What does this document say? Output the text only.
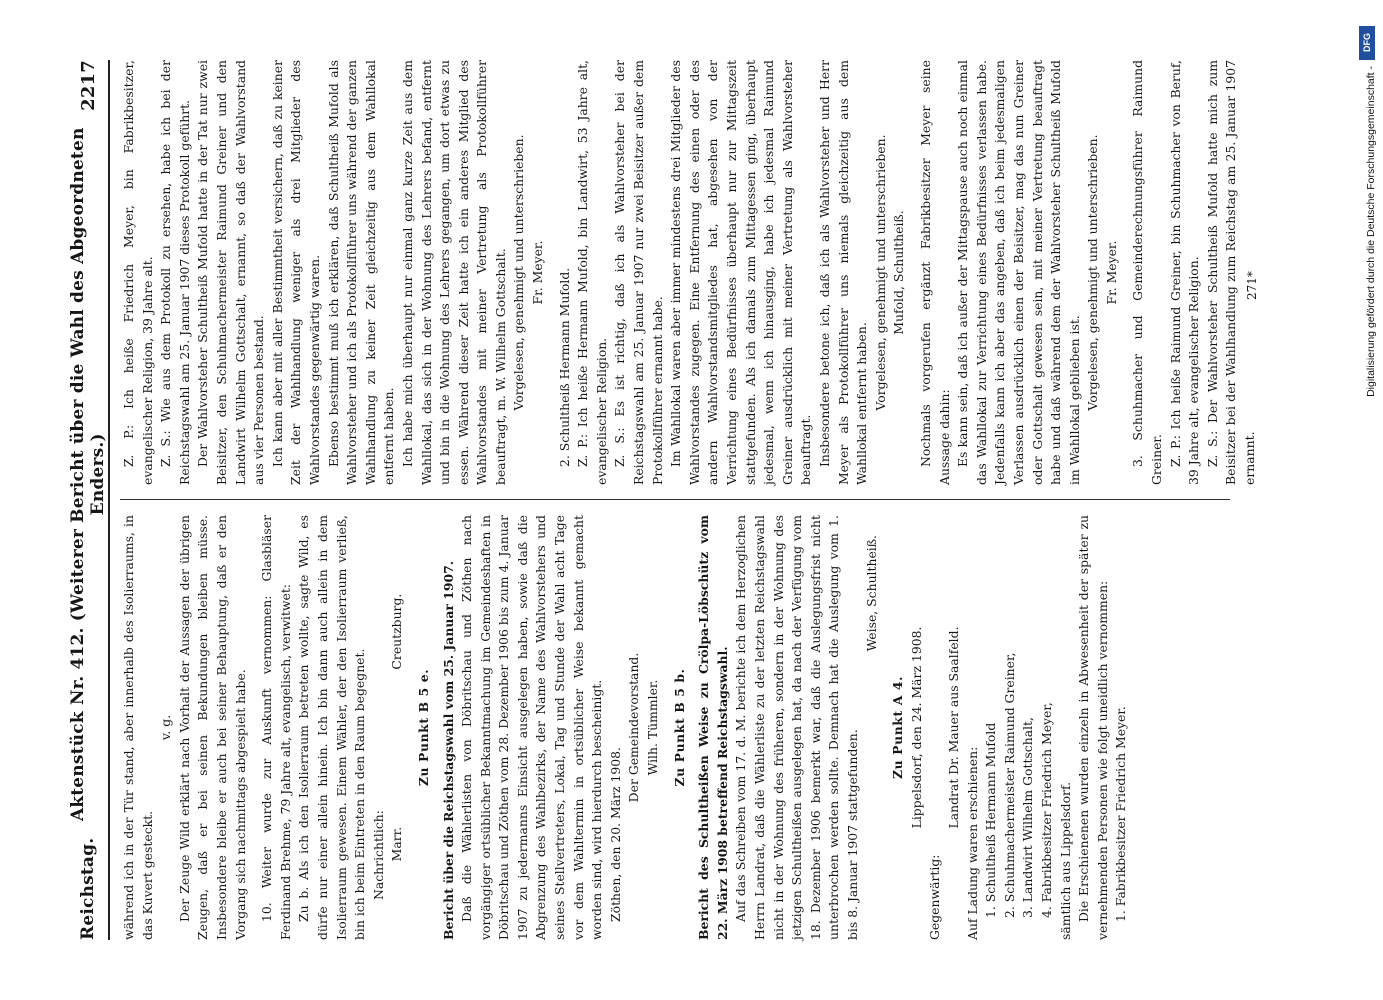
Reichstag.
Aktenstück Nr. 412. (Weiterer Bericht über die Wahl des Abgeordneten Enders.)
2217

während ich in der Tür stand, aber innerhalb des Isolierraums, in das Kuvert gesteckt.

v. g. Der Zeuge Wild erklärt nach Vorhalt der Aussagen der übrigen Zeugen, daß er bei seinen Bekundungen bleiben müsse. Insbesondere bleibe er auch bei seiner Behauptung, daß er den Vorgang sich nachmittags abgespielt habe. 10. Weiter wurde zur Auskunft vernommen: Glasbläser Ferdinand Brehme, 79 Jahre alt, evangelisch, verwitwet: Zu b. Als ich den Isolierraum betreten wollte, sagte Wild, es dürfe nur einer allein hinein. Ich bin dann auch allein in dem Isolierraum gewesen. Einem Wähler, der den Isolierraum verließ, bin ich beim Eintreten in den Raum begegnet. Nachrichtlich: Marr.
Creutzburg.

Zu Punkt B 5 e. Bericht über die Reichstagswahl vom 25. Januar 1907. Daß die Wählerlisten von Döbritschau und Zöthen nach vorgängiger ortsüblicher Bekanntmachung im Gemeindeshaften in Döbritschau und Zöthen vom 28. Dezember 1906 bis zum 4. Januar 1907 zu jedermanns Einsicht ausgelegen haben, sowie daß die Abgrenzung des Wahlbezirks, der Name des Wahlvorstehers und seines Stellvertreters, Lokal, Tag und Stunde der Wahl acht Tage vor dem Wahltermin in ortsüblicher Weise bekannt gemacht worden sind, wird hierdurch bescheinigt. Zöthen, den 20. März 1908.

Der Gemeindevorstand. Wilh. Tümmler. Zu Punkt B 5 b. Bericht des Schultheißen Weise zu Crölpa-Löbschütz vom 22. März 1908 betreffend Reichstagswahl. Auf das Schreiben vom 17. d. M. berichte ich dem Herzoglichen Herrn Landrat, daß die Wählerliste zu der letzten Reichstagswahl nicht in der Wohnung des früheren, sondern in der Wohnung des jetzigen Schultheißen ausgelegen hat, da nach der Verfügung vom 18. Dezember 1906 bemerkt war, daß die Auslegungsfrist nicht unterbrochen werden sollte. Demnach hat die Auslegung vom 1. bis 8. Januar 1907 stattgefunden.

Weise, Schultheiß.

Zu Punkt A 4. Lippelsdorf, den 24. März 1908.

Gegenwärtig:

Landrat Dr. Mauer aus Saalfeld.

Auf Ladung waren erschienen: 1. Schultheiß Hermann Mufold 2. Schuhmachermeister Raimund Greiner, 3. Landwirt Wilhelm Gottschalt, 4. Fabrikbesitzer Friedrich Meyer, sämtlich aus Lippelsdorf. Die Erschienenen wurden einzeln in Abwesenheit der später zu vernehmenden Personen wie folgt uneidlich vernommen: 1. Fabrikbesitzer Friedrich Meyer.

Z. P.: Ich heiße Friedrich Meyer, bin Fabrikbesitzer, evangelischer Religion, 39 Jahre alt. Z. S.: Wie aus dem Protokoll zu ersehen, habe ich bei der Reichstagswahl am 25. Januar 1907 dieses Protokoll geführt. Der Wahlvorsteher Schultheiß Mufold hatte in der Tat nur zwei Beisitzer, den Schuhmachermeister Raimund Greiner und den Landwirt Wilhelm Gottschalt, ernannt, so daß der Wahlvorstand aus vier Personen bestand. Ich kann aber mit aller Bestimmtheit versichern, daß zu keiner Zeit der Wahlhandlung weniger als drei Mitglieder des Wahlvorstandes gegenwärtig waren. Ebenso bestimmt muß ich erklären, daß Schultheiß Mufold als Wahlvorsteher und ich als Protokollführer uns während der ganzen Wahlhandlung zu keiner Zeit gleichzeitig aus dem Wahllokal entfernt haben. Ich habe mich überhaupt nur einmal ganz kurze Zeit aus dem Wahllokal, das sich in der Wohnung des Lehrers befand, entfernt und bin in die Wohnung des Lehrers gegangen, um dort etwas zu essen. Während dieser Zeit hatte ich ein anderes Mitglied des Wahlvorstandes mit meiner Vertretung als Protokollführer beauftragt, m. W. Wilhelm Gottschalt. Vorgelesen, genehmigt und unterschrieben. Fr. Meyer. 2. Schultheiß Hermann Mufold. Z. P.: Ich heiße Hermann Mufold, bin Landwirt, 53 Jahre alt, evangelischer Religion. Z. S.: Es ist richtig, daß ich als Wahlvorsteher bei der Reichstagswahl am 25. Januar 1907 nur zwei Beisitzer außer dem Protokollführer ernannt habe. Im Wahllokal waren aber immer mindestens drei Mitglieder des Wahlvorstandes zugegen. Eine Entfernung des einen oder des andern Wahlvorstandsmitgliedes hat, abgesehen von der Verrichtung eines Bedürfnisses überhaupt nur zur Mittagszeit stattgefunden. Als ich damals zum Mittagessen ging, überhaupt jedesmal, wenn ich hinausging, habe ich jedesmal Raimund Greiner ausdrücklich mit meiner Vertretung als Wahlvorsteher beauftragt. Insbesondere betone ich, daß ich als Wahlvorsteher und Herr Meyer als Protokollführer uns niemals gleichzeitig aus dem Wahllokal entfernt haben. Vorgelesen, genehmigt und unterschrieben. Mufold, Schultheiß. Nochmals vorgerufen ergänzt Fabrikbesitzer Meyer seine Aussage dahin: Es kann sein, daß ich außer der Mittagspause auch noch einmal das Wahllokal zur Verrichtung eines Bedürfnisses verlassen habe. Jedenfalls kann ich aber das angeben, daß ich beim jedesmaligen Verlassen ausdrücklich einen der Beisitzer, mag das nun Greiner oder Gottschalt gewesen sein, mit meiner Vertretung beauftragt habe und daß während dem der Wahlvorsteher Schultheiß Mufold im Wahllokal geblieben ist. Vorgelesen, genehmigt und unterschrieben. Fr. Meyer. 3. Schuhmacher und Gemeinderechnungsführer Raimund Greiner. Z. P.: Ich heiße Raimund Greiner, bin Schuhmacher von Beruf, 39 Jahre alt, evangelischer Religion. Z. S.: Der Wahlvorsteher Schultheiß Mufold hatte mich zum Beisitzer bei der Wahlhandlung zum Reichstag am 25. Januar 1907 ernannt.

271*
DFG
Digitalisierung gefördert durch die Deutsche Forschungsgemeinschaft -
